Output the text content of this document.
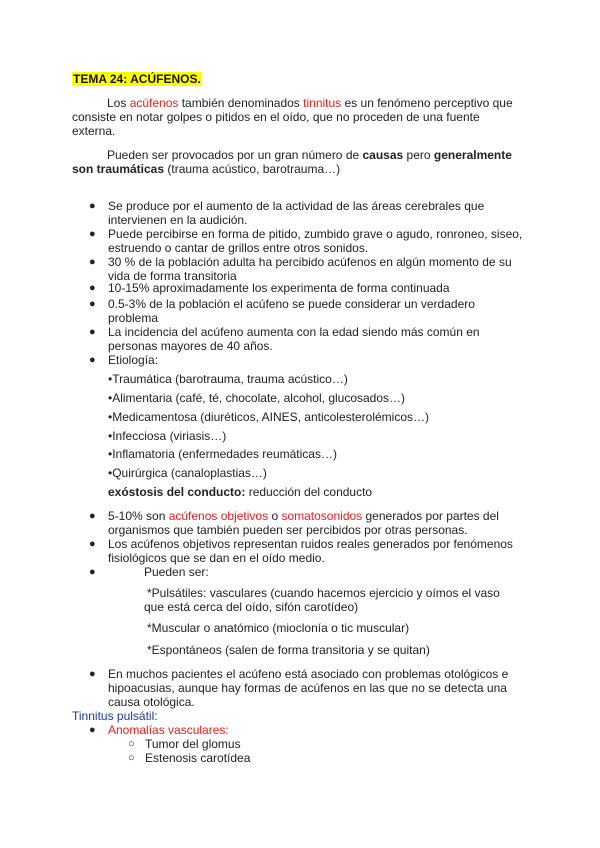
TEMA 24: ACÚFENOS.
Los acúfenos también denominados tinnitus es un fenómeno perceptivo que
consiste en notar golpes o pitidos en el oído, que no proceden de una fuente
externa.
Pueden ser provocados por un gran número de causas pero generalmente
son traumáticas (trauma acústico, barotrauma…)
● Se produce por el aumento de la actividad de las áreas cerebrales que
intervienen en la audición.
● Puede percibirse en forma de pitido, zumbido grave o agudo, ronroneo, siseo,
estruendo o cantar de grillos entre otros sonidos.
● 30 % de la población adulta ha percibido acúfenos en algún momento de su
vida de forma transitoria
● 10-15% aproximadamente los experimenta de forma continuada
● 0.5-3% de la población el acúfeno se puede considerar un verdadero
problema
● La incidencia del acúfeno aumenta con la edad siendo más común en
personas mayores de 40 años.
● Etiología:
•Traumática (barotrauma, trauma acústico…)
•Alimentaria (café, té, chocolate, alcohol, glucosados…)
•Medicamentosa (diuréticos, AINES, anticolesterolémicos…)
•Infecciosa (viriasis…)
•Inflamatoria (enfermedades reumáticas…)
•Quirúrgica (canaloplastias…)
exóstosis del conducto: reducción del conducto
● 5-10% son acúfenos objetivos o somatosonidos generados por partes del
organismos que también pueden ser percibidos por otras personas.
● Los acúfenos objetivos representan ruidos reales generados por fenómenos
fisiológicos que se dan en el oído medio.
●	Pueden ser:
*Pulsátiles: vasculares (cuando hacemos ejercicio y oímos el vaso
que está cerca del oído, sifón carotídeo)
*Muscular o anatómico (mioclonía o tic muscular)
*Espontáneos (salen de forma transitoria y se quitan)
● En muchos pacientes el acúfeno está asociado con problemas otológicos e
hipoacusias, aunque hay formas de acúfenos en las que no se detecta una
causa otológica.
Tinnitus pulsátil:
● Anomalías vasculares:
○ Tumor del glomus
○ Estenosis carotídea
